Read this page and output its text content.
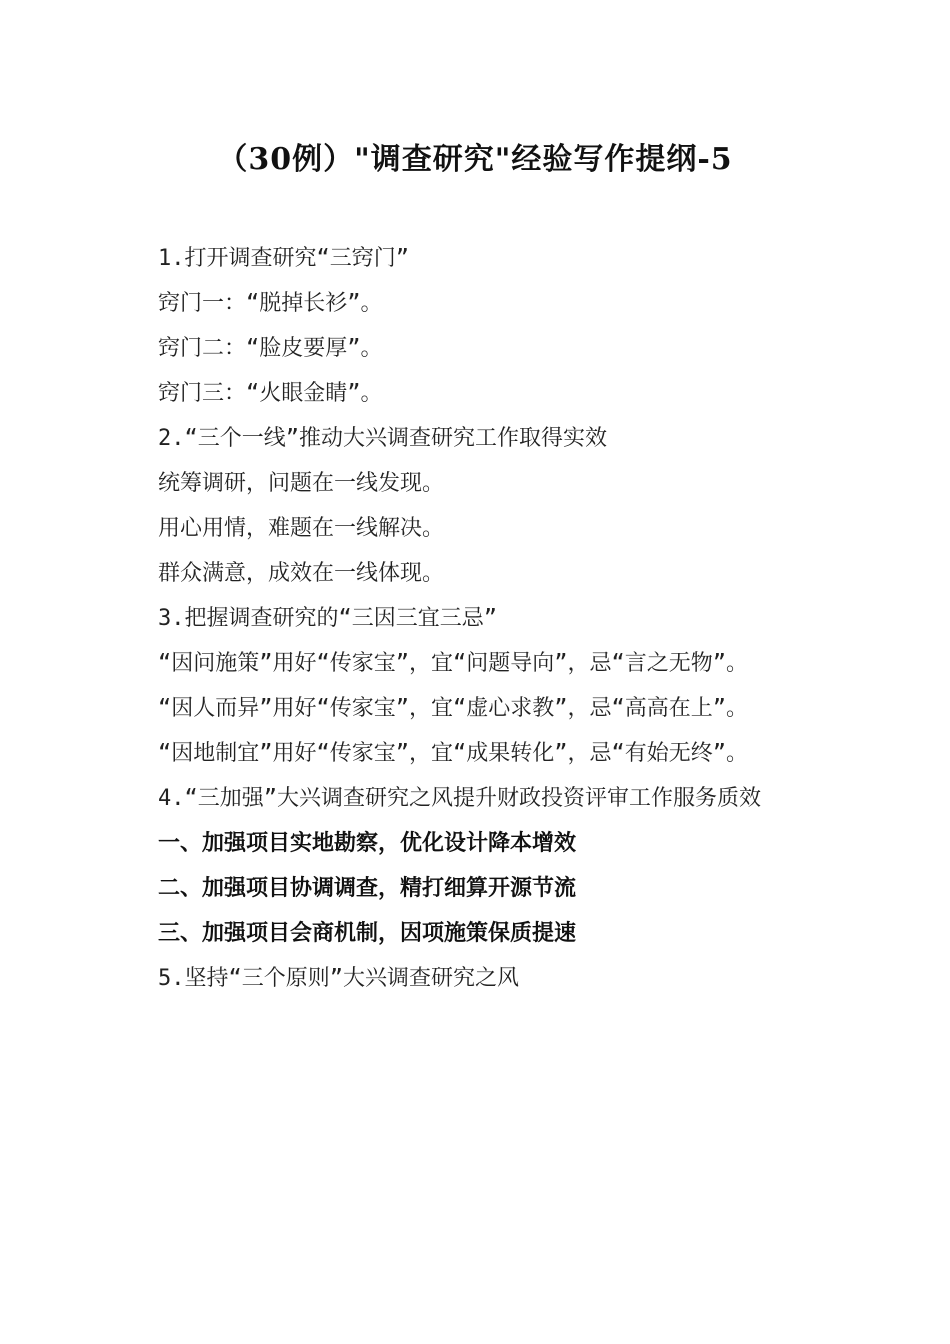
（30例）"调查研究"经验写作提纲-5

1.打开调查研究“三窍门”

窍门一：“脱掉长衫”。

窍门二：“脸皮要厚”。

窍门三：“火眼金睛”。

2.“三个一线”推动大兴调查研究工作取得实效

统筹调研，问题在一线发现。

用心用情，难题在一线解决。

群众满意，成效在一线体现。

3.把握调查研究的“三因三宜三忌”

“因问施策”用好“传家宝”，宜“问题导向”，忌“言之无物”。

“因人而异”用好“传家宝”，宜“虚心求教”，忌“高高在上”。

“因地制宜”用好“传家宝”，宜“成果转化”，忌“有始无终”。

4.“三加强”大兴调查研究之风提升财政投资评审工作服务质效

一、加强项目实地勘察，优化设计降本增效

二、加强项目协调调查，精打细算开源节流

三、加强项目会商机制，因项施策保质提速

5.坚持“三个原则”大兴调查研究之风
